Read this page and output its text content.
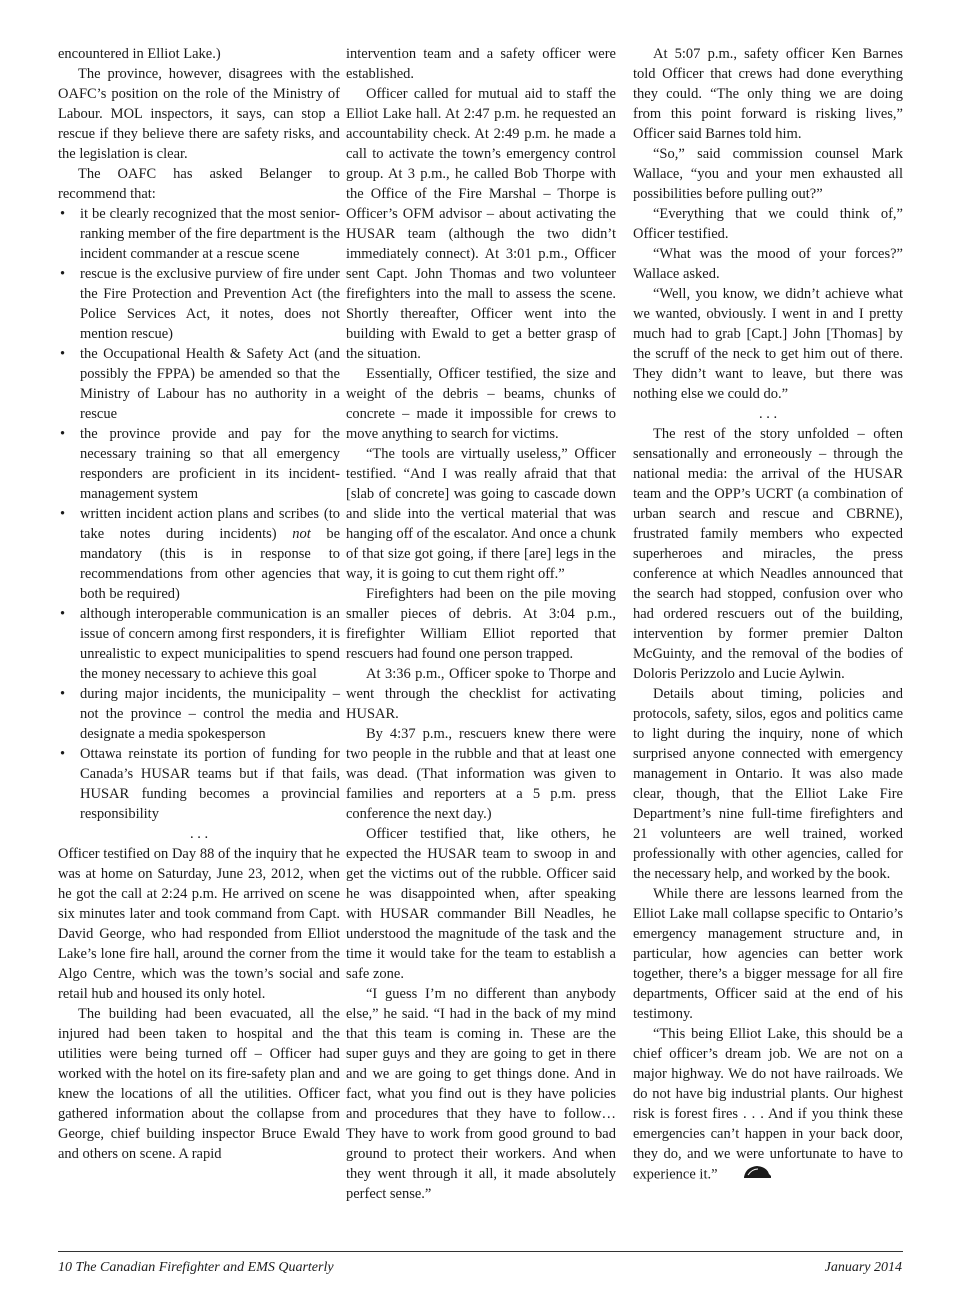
encountered in Elliot Lake.)

The province, however, disagrees with the OAFC’s position on the role of the Ministry of Labour. MOL inspectors, it says, can stop a rescue if they believe there are safety risks, and the legislation is clear.

The OAFC has asked Belanger to recommend that:

• it be clearly recognized that the most senior-ranking member of the fire department is the incident commander at a rescue scene
• rescue is the exclusive purview of fire under the Fire Protection and Prevention Act (the Police Services Act, it notes, does not mention rescue)
• the Occupational Health & Safety Act (and possibly the FPPA) be amended so that the Ministry of Labour has no authority in a rescue
• the province provide and pay for the necessary training so that all emergency responders are proficient in its incident-management system
• written incident action plans and scribes (to take notes during incidents) not be mandatory (this is in response to recommendations from other agencies that both be required)
• although interoperable communication is an issue of concern among first responders, it is unrealistic to expect municipalities to spend the money necessary to achieve this goal
• during major incidents, the municipality – not the province – control the media and designate a media spokesperson
• Ottawa reinstate its portion of funding for Canada’s HUSAR teams but if that fails, HUSAR funding becomes a provincial responsibility

. . .

Officer testified on Day 88 of the inquiry that he was at home on Saturday, June 23, 2012, when he got the call at 2:24 p.m. He arrived on scene six minutes later and took command from Capt. David George, who had responded from Elliot Lake’s lone fire hall, around the corner from the Algo Centre, which was the town’s social and retail hub and housed its only hotel.

The building had been evacuated, all the injured had been taken to hospital and the utilities were being turned off – Officer had worked with the hotel on its fire-safety plan and knew the locations of all the utilities. Officer gathered information about the collapse from George, chief building inspector Bruce Ewald and others on scene. A rapid

intervention team and a safety officer were established.

Officer called for mutual aid to staff the Elliot Lake hall. At 2:47 p.m. he requested an accountability check. At 2:49 p.m. he made a call to activate the town’s emergency control group. At 3 p.m., he called Bob Thorpe with the Office of the Fire Marshal – Thorpe is Officer’s OFM advisor – about activating the HUSAR team (although the two didn’t immediately connect). At 3:01 p.m., Officer sent Capt. John Thomas and two volunteer firefighters into the mall to assess the scene. Shortly thereafter, Officer went into the building with Ewald to get a better grasp of the situation.

Essentially, Officer testified, the size and weight of the debris – beams, chunks of concrete – made it impossible for crews to move anything to search for victims.

“The tools are virtually useless,” Officer testified. “And I was really afraid that that [slab of concrete] was going to cascade down and slide into the vertical material that was hanging off of the escalator. And once a chunk of that size got going, if there [are] legs in the way, it is going to cut them right off.”

Firefighters had been on the pile moving smaller pieces of debris. At 3:04 p.m., firefighter William Elliot reported that rescuers had found one person trapped.

At 3:36 p.m., Officer spoke to Thorpe and went through the checklist for activating HUSAR.

By 4:37 p.m., rescuers knew there were two people in the rubble and that at least one was dead. (That information was given to families and reporters at a 5 p.m. press conference the next day.)

Officer testified that, like others, he expected the HUSAR team to swoop in and get the victims out of the rubble. Officer said he was disappointed when, after speaking with HUSAR commander Bill Neadles, he understood the magnitude of the task and the time it would take for the team to establish a safe zone.

“I guess I’m no different than anybody else,” he said. “I had in the back of my mind that this team is coming in. These are the super guys and they are going to get in there and we are going to get things done. And in fact, what you find out is they have policies and procedures that they have to follow…They have to work from good ground to bad ground to protect their workers. And when they went through it all, it made absolutely perfect sense.”

At 5:07 p.m., safety officer Ken Barnes told Officer that crews had done everything they could. “The only thing we are doing from this point forward is risking lives,” Officer said Barnes told him.

“So,” said commission counsel Mark Wallace, “you and your men exhausted all possibilities before pulling out?”

“Everything that we could think of,” Officer testified.

“What was the mood of your forces?” Wallace asked.

“Well, you know, we didn’t achieve what we wanted, obviously. I went in and I pretty much had to grab [Capt.] John [Thomas] by the scruff of the neck to get him out of there. They didn’t want to leave, but there was nothing else we could do.”

. . .

The rest of the story unfolded – often sensationally and erroneously – through the national media: the arrival of the HUSAR team and the OPP’s UCRT (a combination of urban search and rescue and CBRNE), frustrated family members who expected superheroes and miracles, the press conference at which Neadles announced that the search had stopped, confusion over who had ordered rescuers out of the building, intervention by former premier Dalton McGuinty, and the removal of the bodies of Doloris Perizzolo and Lucie Aylwin.

Details about timing, policies and protocols, safety, silos, egos and politics came to light during the inquiry, none of which surprised anyone connected with emergency management in Ontario. It was also made clear, though, that the Elliot Lake Fire Department’s nine full-time firefighters and 21 volunteers are well trained, worked professionally with other agencies, called for the necessary help, and worked by the book.

While there are lessons learned from the Elliot Lake mall collapse specific to Ontario’s emergency management structure and, in particular, how agencies can better work together, there’s a bigger message for all fire departments, Officer said at the end of his testimony.

“This being Elliot Lake, this should be a chief officer’s dream job. We are not on a major highway. We do not have railroads. We do not have big industrial plants. Our highest risk is forest fires . . . And if you think these emergencies can’t happen in your back door, they do, and we were unfortunate to have to experience it.”

10 The Canadian Firefighter and EMS Quarterly	January 2014
